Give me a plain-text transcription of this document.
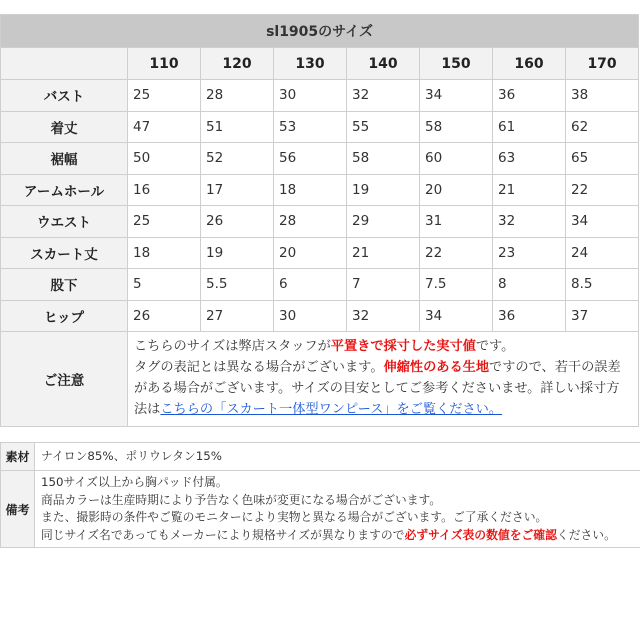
sl1905のサイズ							
	110	120	130	140	150	160	170
バスト	25	28	30	32	34	36	38
着丈	47	51	53	55	58	61	62
裾幅	50	52	56	58	60	63	65
アームホール	16	17	18	19	20	21	22
ウエスト	25	26	28	29	31	32	34
スカート丈	18	19	20	21	22	23	24
股下	5	5.5	6	7	7.5	8	8.5
ヒップ	26	27	30	32	34	36	37
ご注意	こちらのサイズは弊店スタッフが平置きで採寸した実寸値です。
タグの表記とは異なる場合がございます。伸縮性のある生地ですので、若干の誤差がある場合がございます。サイズの目安としてご参考くださいませ。詳しい採寸方法はこちらの「スカート一体型ワンピース」をご覧ください。						
素材	ナイロン85%、ポリウレタン15%
備考	150サイズ以上から胸パッド付属。
商品カラーは生産時期により予告なく色味が変更になる場合がございます。
また、撮影時の条件やご覧のモニターにより実物と異なる場合がございます。ご了承ください。
同じサイズ名であってもメーカーにより規格サイズが異なりますので必ずサイズ表の数値をご確認ください。
